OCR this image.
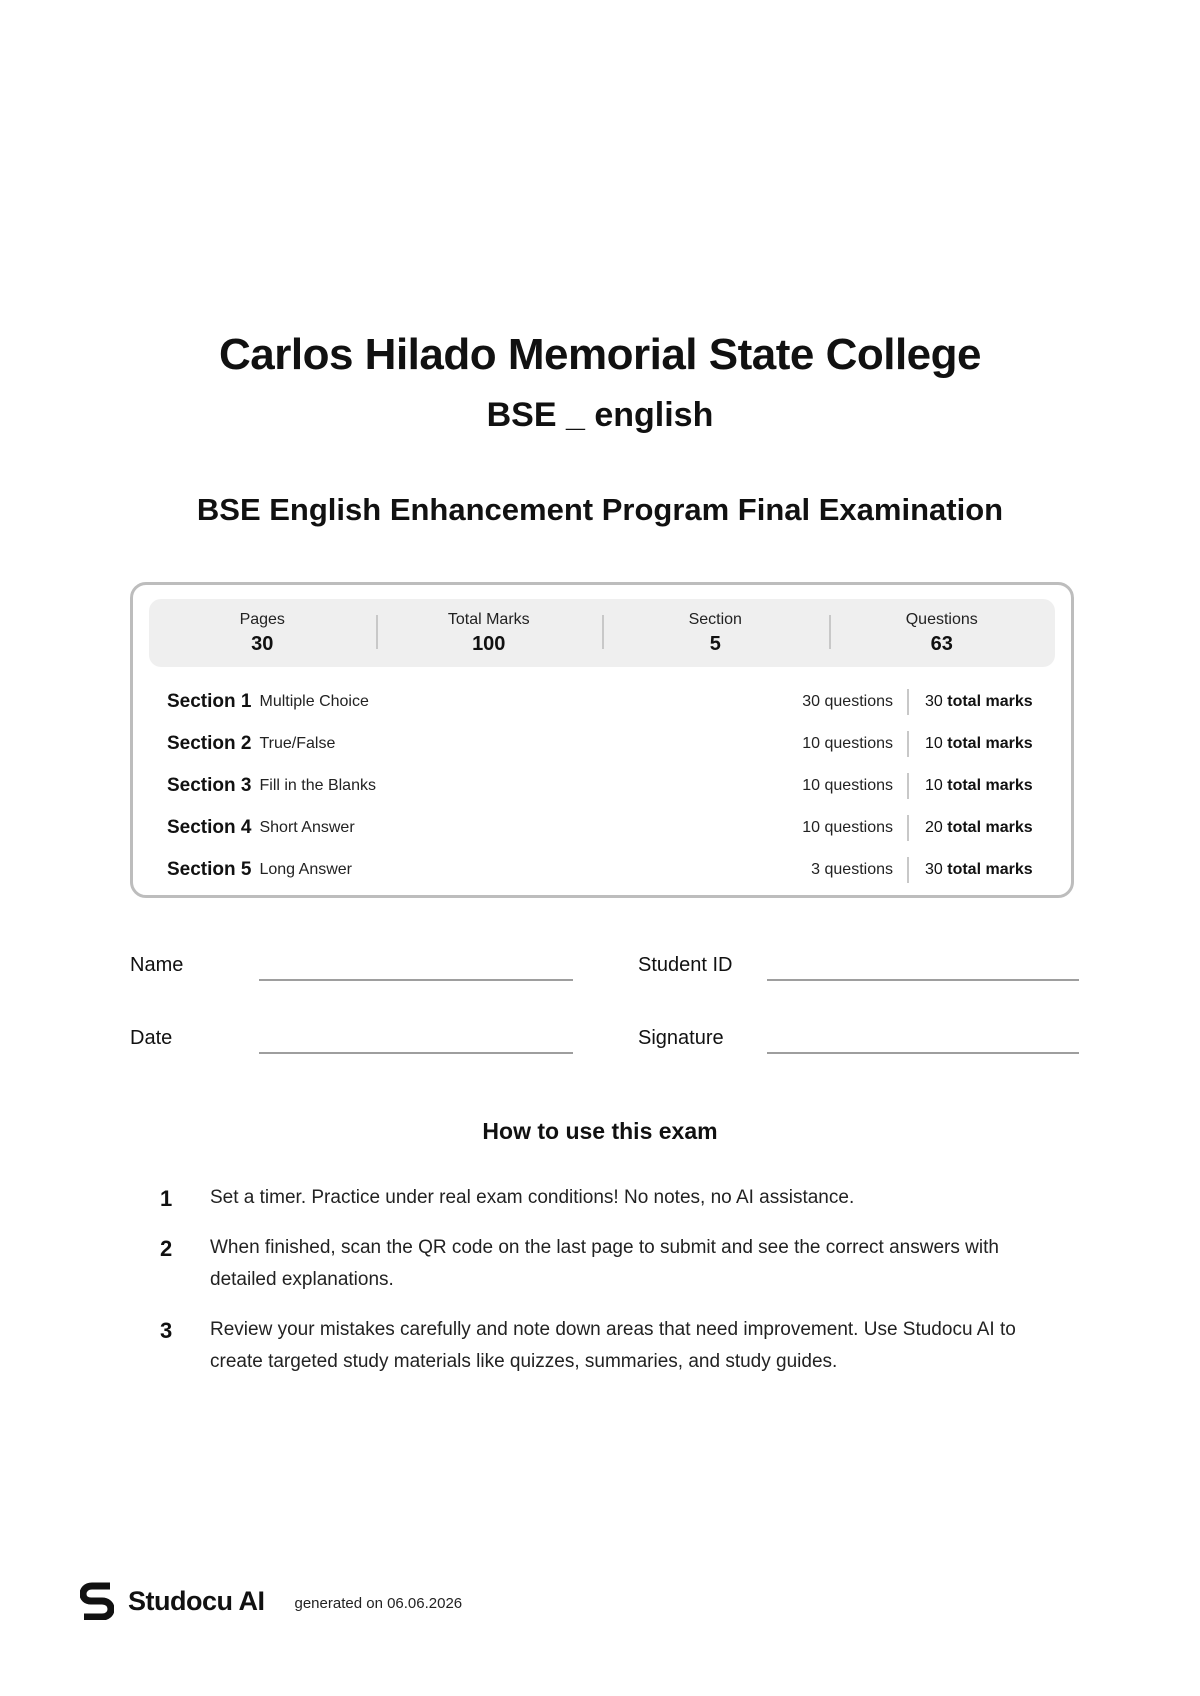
Carlos Hilado Memorial State College
BSE _ english
BSE English Enhancement Program Final Examination
Pages
30
Total Marks
100
Section
5
Questions
63
Section 1 Multiple Choice	30 questions	30 total marks
Section 2 True/False	10 questions	10 total marks
Section 3 Fill in the Blanks	10 questions	10 total marks
Section 4 Short Answer	10 questions	20 total marks
Section 5 Long Answer	3 questions	30 total marks
Name	Student ID
Date	Signature
How to use this exam
1	Set a timer. Practice under real exam conditions! No notes, no AI assistance.
2	When finished, scan the QR code on the last page to submit and see the correct answers with detailed explanations.
3	Review your mistakes carefully and note down areas that need improvement. Use Studocu AI to create targeted study materials like quizzes, summaries, and study guides.
Studocu AI generated on 06.06.2026
